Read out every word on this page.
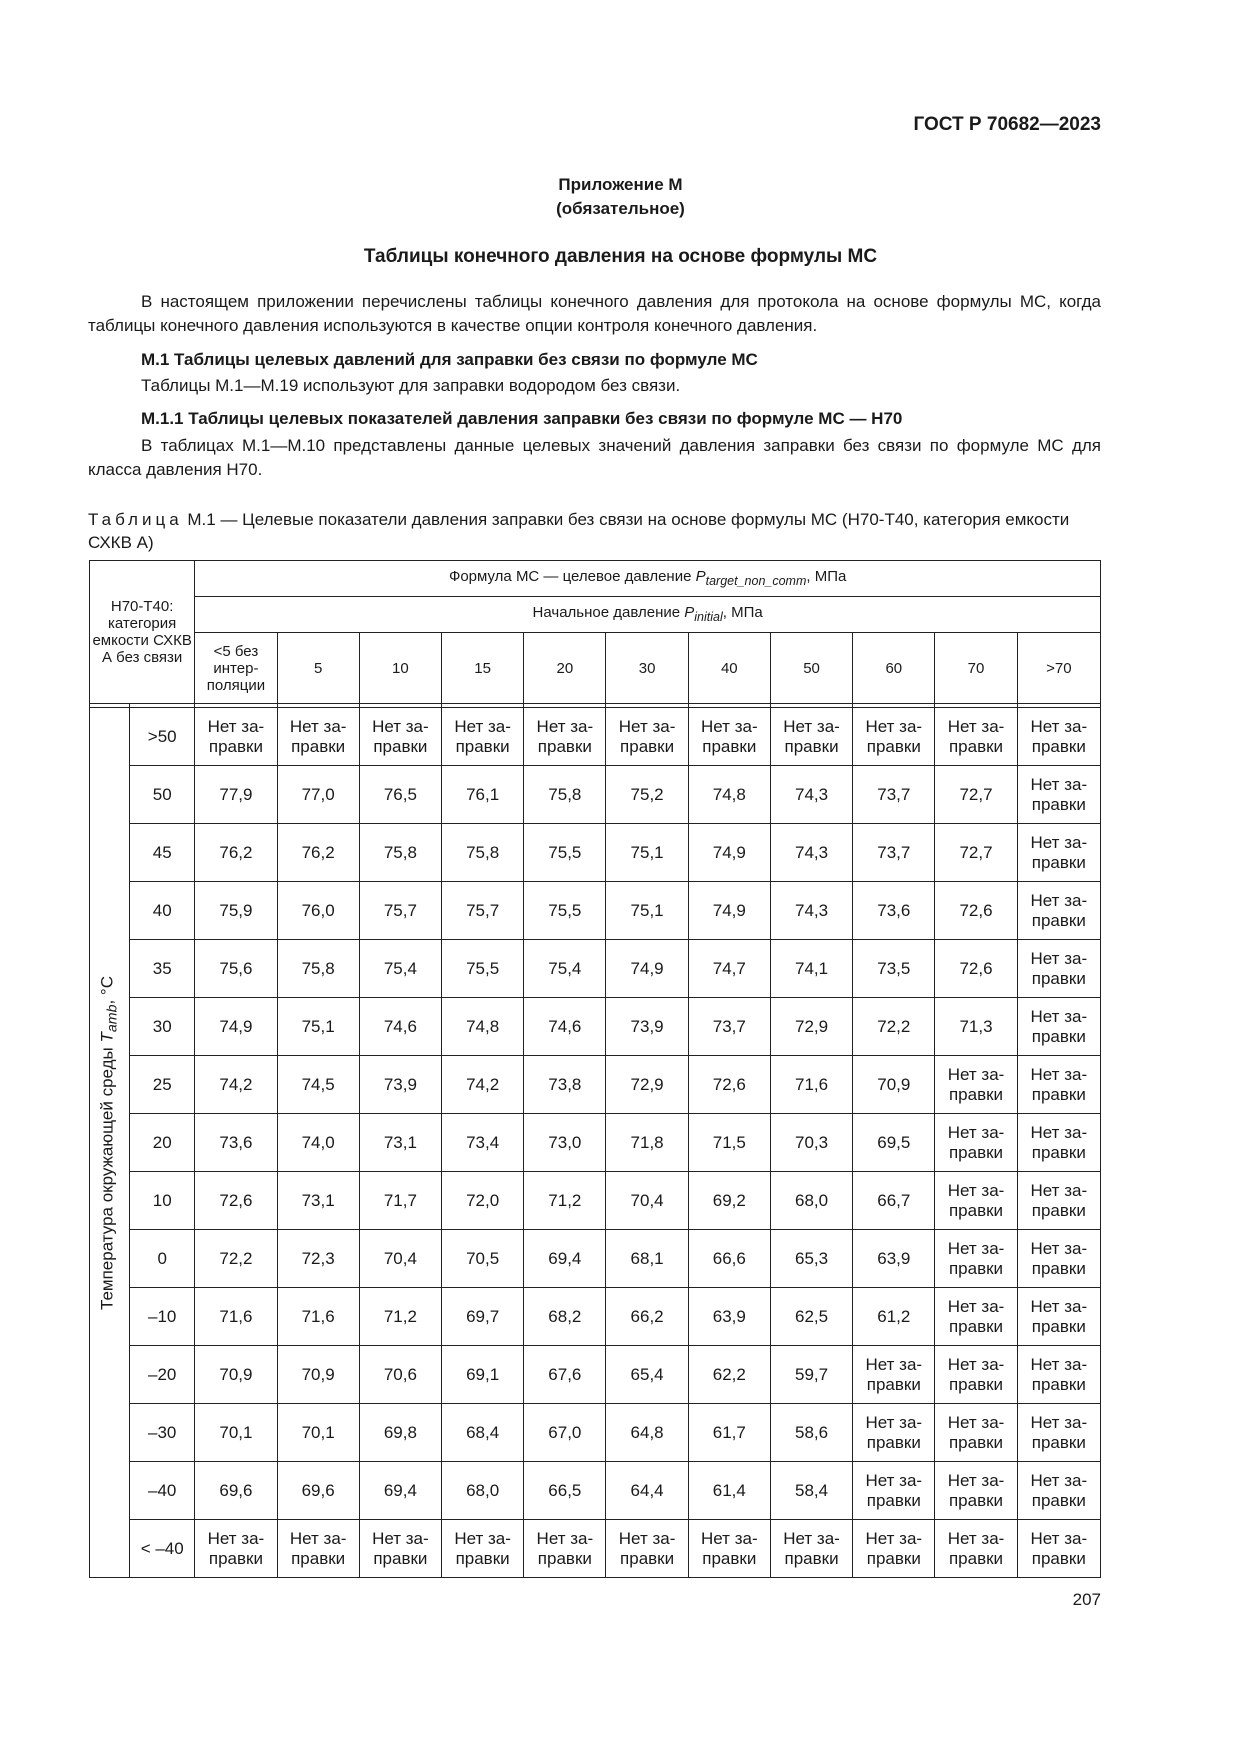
ГОСТ Р 70682—2023
Приложение М
(обязательное)
Таблицы конечного давления на основе формулы МС
В настоящем приложении перечислены таблицы конечного давления для протокола на основе формулы МС, когда таблицы конечного давления используются в качестве опции контроля конечного давления.
М.1 Таблицы целевых давлений для заправки без связи по формуле МС
Таблицы М.1—М.19 используют для заправки водородом без связи.
М.1.1 Таблицы целевых показателей давления заправки без связи по формуле МС — Н70
В таблицах М.1—М.10 представлены данные целевых значений давления заправки без связи по формуле МС для класса давления Н70.
Таблица М.1 — Целевые показатели давления заправки без связи на основе формулы МС (Н70-Т40, категория емкости СХКВ А)
Н70-Т40: категория емкости СХКВ А без связи		Формула МС — целевое давление $P_{target\_non\_comm}$, МПа										
		Начальное давление $P_{initial}$, МПа										
		<5 без интер-поляции	5	10	15	20	30	40	50	60	70	>70

Температура окружающей среды $T_{amb}$, °C	>50	Нет за-правки	Нет за-правки	Нет за-правки	Нет за-правки	Нет за-правки	Нет за-правки	Нет за-правки	Нет за-правки	Нет за-правки	Нет за-правки	Нет за-правки
	50	77,9	77,0	76,5	76,1	75,8	75,2	74,8	74,3	73,7	72,7	Нет за-правки
	45	76,2	76,2	75,8	75,8	75,5	75,1	74,9	74,3	73,7	72,7	Нет за-правки
	40	75,9	76,0	75,7	75,7	75,5	75,1	74,9	74,3	73,6	72,6	Нет за-правки
	35	75,6	75,8	75,4	75,5	75,4	74,9	74,7	74,1	73,5	72,6	Нет за-правки
	30	74,9	75,1	74,6	74,8	74,6	73,9	73,7	72,9	72,2	71,3	Нет за-правки
	25	74,2	74,5	73,9	74,2	73,8	72,9	72,6	71,6	70,9	Нет за-правки	Нет за-правки
	20	73,6	74,0	73,1	73,4	73,0	71,8	71,5	70,3	69,5	Нет за-правки	Нет за-правки
	10	72,6	73,1	71,7	72,0	71,2	70,4	69,2	68,0	66,7	Нет за-правки	Нет за-правки
	0	72,2	72,3	70,4	70,5	69,4	68,1	66,6	65,3	63,9	Нет за-правки	Нет за-правки
	–10	71,6	71,6	71,2	69,7	68,2	66,2	63,9	62,5	61,2	Нет за-правки	Нет за-правки
	–20	70,9	70,9	70,6	69,1	67,6	65,4	62,2	59,7	Нет за-правки	Нет за-правки	Нет за-правки
	–30	70,1	70,1	69,8	68,4	67,0	64,8	61,7	58,6	Нет за-правки	Нет за-правки	Нет за-правки
	–40	69,6	69,6	69,4	68,0	66,5	64,4	61,4	58,4	Нет за-правки	Нет за-правки	Нет за-правки
	< –40	Нет за-правки	Нет за-правки	Нет за-правки	Нет за-правки	Нет за-правки	Нет за-правки	Нет за-правки	Нет за-правки	Нет за-правки	Нет за-правки	Нет за-правки
207
